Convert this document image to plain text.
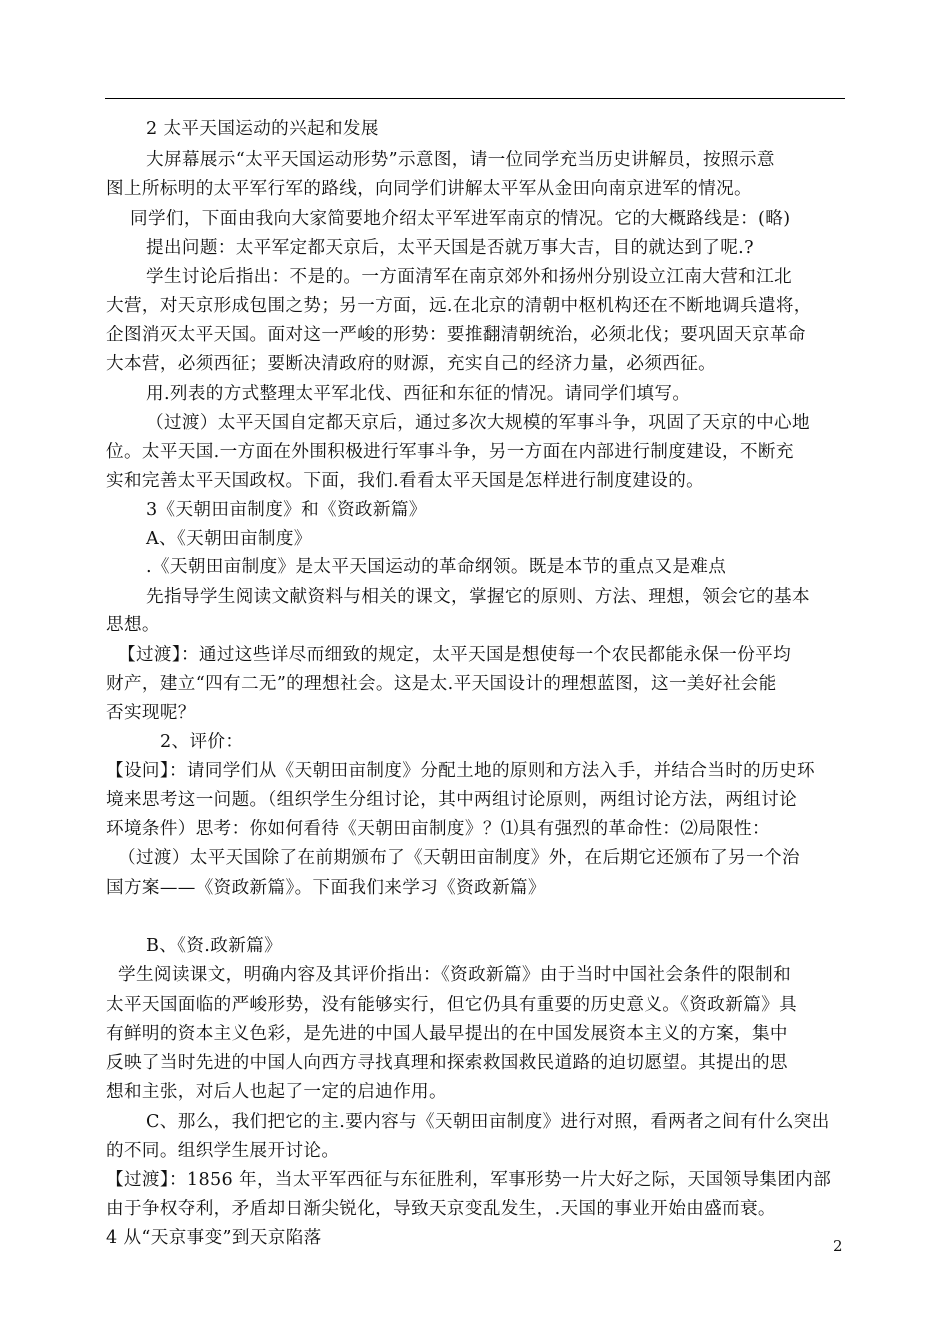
2 太平天国运动的兴起和发展
大屏幕展示“太平天国运动形势”示意图，请一位同学充当历史讲解员，按照示意
图上所标明的太平军行军的路线，向同学们讲解太平军从金田向南京进军的情况。
同学们，下面由我向大家简要地介绍太平军进军南京的情况。它的大概路线是：(略)
提出问题：太平军定都天京后，太平天国是否就万事大吉，目的就达到了呢.?
学生讨论后指出：不是的。一方面清军在南京郊外和扬州分别设立江南大营和江北
大营，对天京形成包围之势；另一方面，远.在北京的清朝中枢机构还在不断地调兵遣将，
企图消灭太平天国。面对这一严峻的形势：要推翻清朝统治，必须北伐；要巩固天京革命
大本营，必须西征；要断决清政府的财源，充实自己的经济力量，必须西征。
用.列表的方式整理太平军北伐、西征和东征的情况。请同学们填写。
（过渡）太平天国自定都天京后，通过多次大规模的军事斗争，巩固了天京的中心地
位。太平天国.一方面在外围积极进行军事斗争，另一方面在内部进行制度建设，不断充
实和完善太平天国政权。下面，我们.看看太平天国是怎样进行制度建设的。
3《天朝田亩制度》和《资政新篇》
A、《天朝田亩制度》
.《天朝田亩制度》是太平天国运动的革命纲领。既是本节的重点又是难点
先指导学生阅读文献资料与相关的课文，掌握它的原则、方法、理想，领会它的基本
思想。
【过渡】：通过这些详尽而细致的规定，太平天国是想使每一个农民都能永保一份平均
财产，建立“四有二无”的理想社会。这是太.平天国设计的理想蓝图，这一美好社会能
否实现呢？
2、评价：
【设问】：请同学们从《天朝田亩制度》分配土地的原则和方法入手，并结合当时的历史环
境来思考这一问题。（组织学生分组讨论，其中两组讨论原则，两组讨论方法，两组讨论
环境条件）思考：你如何看待《天朝田亩制度》？⑴具有强烈的革命性：⑵局限性：
（过渡）太平天国除了在前期颁布了《天朝田亩制度》外，在后期它还颁布了另一个治
国方案——《资政新篇》。下面我们来学习《资政新篇》
B、《资.政新篇》
学生阅读课文，明确内容及其评价指出：《资政新篇》由于当时中国社会条件的限制和
太平天国面临的严峻形势，没有能够实行，但它仍具有重要的历史意义。《资政新篇》具
有鲜明的资本主义色彩，是先进的中国人最早提出的在中国发展资本主义的方案，集中
反映了当时先进的中国人向西方寻找真理和探索救国救民道路的迫切愿望。其提出的思
想和主张，对后人也起了一定的启迪作用。
C、那么，我们把它的主.要内容与《天朝田亩制度》进行对照，看两者之间有什么突出
的不同。组织学生展开讨论。
【过渡】：1856 年，当太平军西征与东征胜利，军事形势一片大好之际，天国领导集团内部
由于争权夺利，矛盾却日渐尖锐化，导致天京变乱发生，.天国的事业开始由盛而衰。
4 从“天京事变”到天京陷落	2
